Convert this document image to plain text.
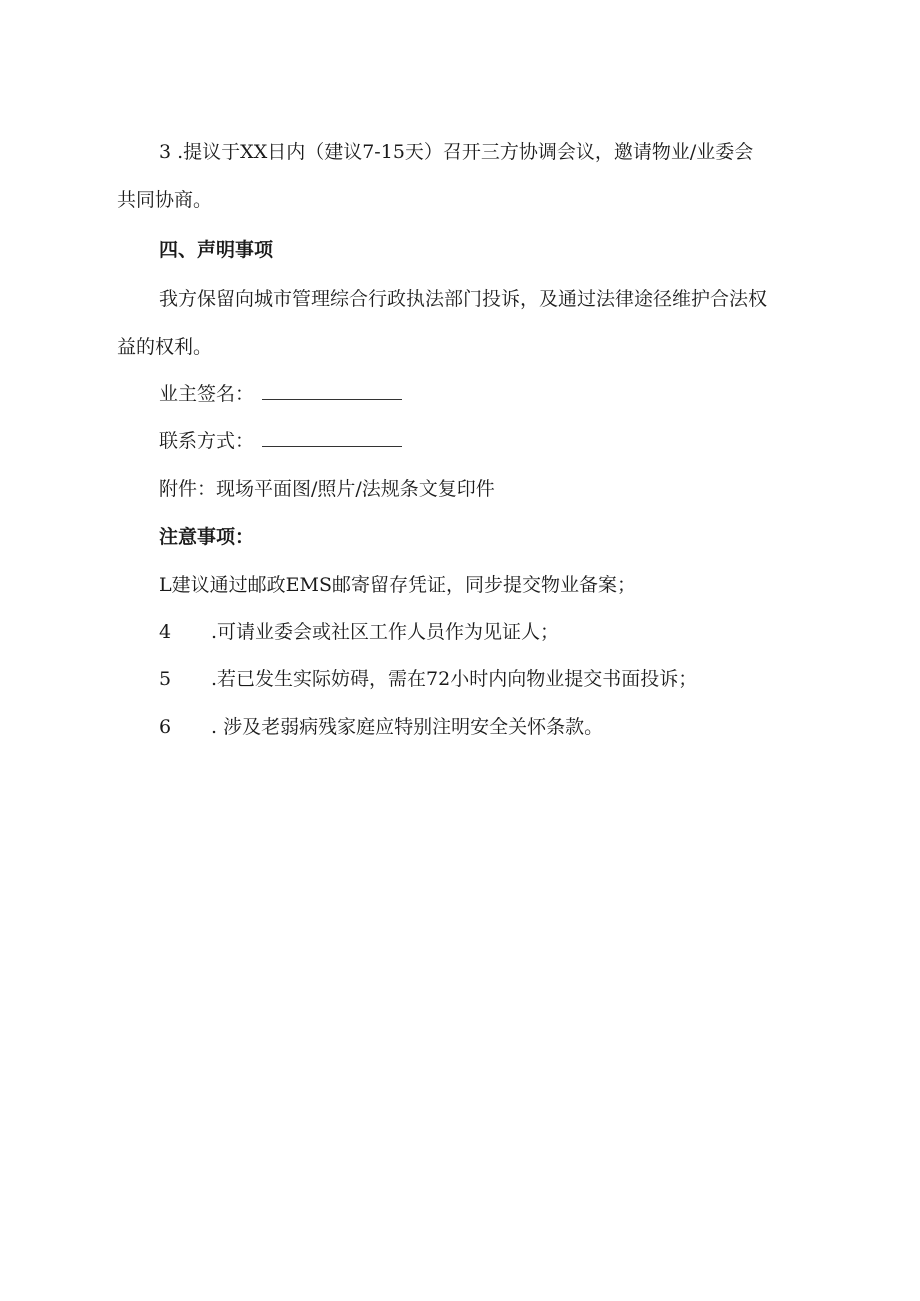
3 .提议于XX日内（建议7-15天）召开三方协调会议，邀请物业/业委会
共同协商。
四、声明事项
我方保留向城市管理综合行政执法部门投诉，及通过法律途径维护合法权
益的权利。
业主签名：
联系方式：
附件：现场平面图/照片/法规条文复印件
注意事项：
L建议通过邮政EMS邮寄留存凭证，同步提交物业备案；
4 .可请业委会或社区工作人员作为见证人；
5 .若已发生实际妨碍，需在72小时内向物业提交书面投诉；
6 . 涉及老弱病残家庭应特别注明安全关怀条款。
